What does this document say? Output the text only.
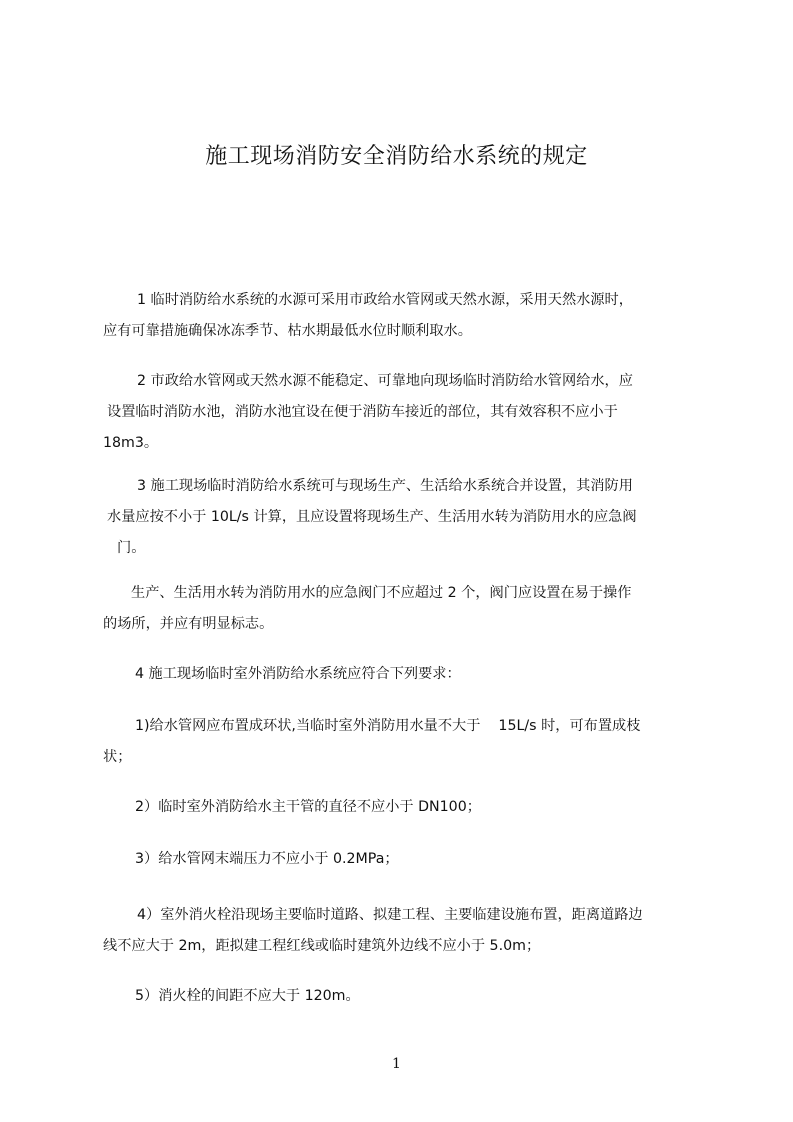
施工现场消防安全消防给水系统的规定

1 临时消防给水系统的水源可采用市政给水管网或天然水源，采用天然水源时，
应有可靠措施确保冰冻季节、枯水期最低水位时顺利取水。

2 市政给水管网或天然水源不能稳定、可靠地向现场临时消防给水管网给水，应
设置临时消防水池，消防水池宜设在便于消防车接近的部位，其有效容积不应小于
18m3。

3 施工现场临时消防给水系统可与现场生产、生活给水系统合并设置，其消防用
水量应按不小于 10L/s 计算，且应设置将现场生产、生活用水转为消防用水的应急阀
门。

生产、生活用水转为消防用水的应急阀门不应超过 2 个，阀门应设置在易于操作
的场所，并应有明显标志。

4 施工现场临时室外消防给水系统应符合下列要求：

1)给水管网应布置成环状,当临时室外消防用水量不大于    15L/s 时，可布置成枝
状；

2）临时室外消防给水主干管的直径不应小于 DN100；

3）给水管网末端压力不应小于 0.2MPa；

4）室外消火栓沿现场主要临时道路、拟建工程、主要临建设施布置，距离道路边
线不应大于 2m，距拟建工程红线或临时建筑外边线不应小于 5.0m；

5）消火栓的间距不应大于 120m。

1
